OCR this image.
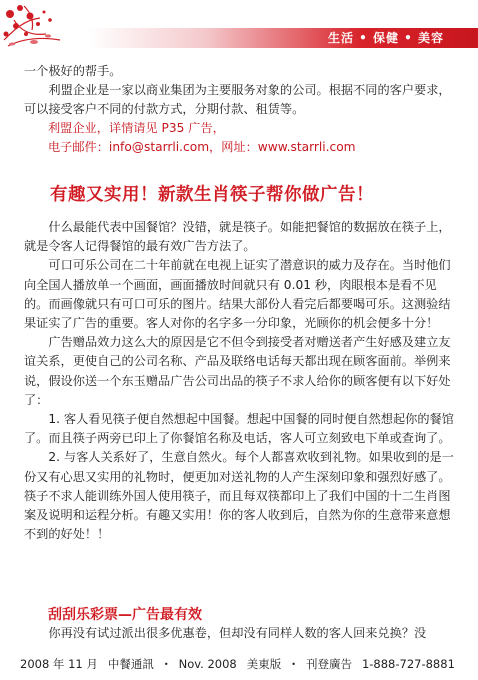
生活 • 保健 • 美容

一个极好的帮手。

利盟企业是一家以商业集团为主要服务对象的公司。根据不同的客户要求，可以接受客户不同的付款方式，分期付款、租赁等。

利盟企业，详情请见 P35 广告，
电子邮件：info@starrli.com，网址：www.starrli.com
有趣又实用！新款生肖筷子帮你做广告！

什么最能代表中国餐馆？没错，就是筷子。如能把餐馆的数据放在筷子上，就是令客人记得餐馆的最有效广告方法了。

可口可乐公司在二十年前就在电视上证实了潜意识的威力及存在。当时他们向全国人播放单一个画面，画面播放时间就只有 0.01 秒，肉眼根本是看不见的。而画像就只有可口可乐的图片。结果大部份人看完后都要喝可乐。这测验结果证实了广告的重要。客人对你的名字多一分印象，光顾你的机会便多十分！

广告赠品效力这么大的原因是它不但令到接受者对赠送者产生好感及建立友谊关系，更使自己的公司名称、产品及联络电话每天都出现在顾客面前。举例来说，假设你送一个东玉赠品广告公司出品的筷子不求人给你的顾客便有以下好处了：

1. 客人看见筷子便自然想起中国餐。想起中国餐的同时便自然想起你的餐馆了。而且筷子两旁已印上了你餐馆名称及电话，客人可立刻致电下单或查询了。

2. 与客人关系好了，生意自然火。每个人都喜欢收到礼物。如果收到的是一份又有心思又实用的礼物时，便更加对送礼物的人产生深刻印象和强烈好感了。筷子不求人能训练外国人使用筷子，而且每双筷都印上了我们中国的十二生肖图案及说明和运程分析。有趣又实用！你的客人收到后，自然为你的生意带来意想不到的好处！！

刮刮乐彩票—广告最有效

你再没有试过派出很多优惠卷，但却没有同样人数的客人回来兑换？没

2008 年 11 月 中餐通訊 • Nov. 2008 美東版 • 刊登廣告 1-888-727-8881
